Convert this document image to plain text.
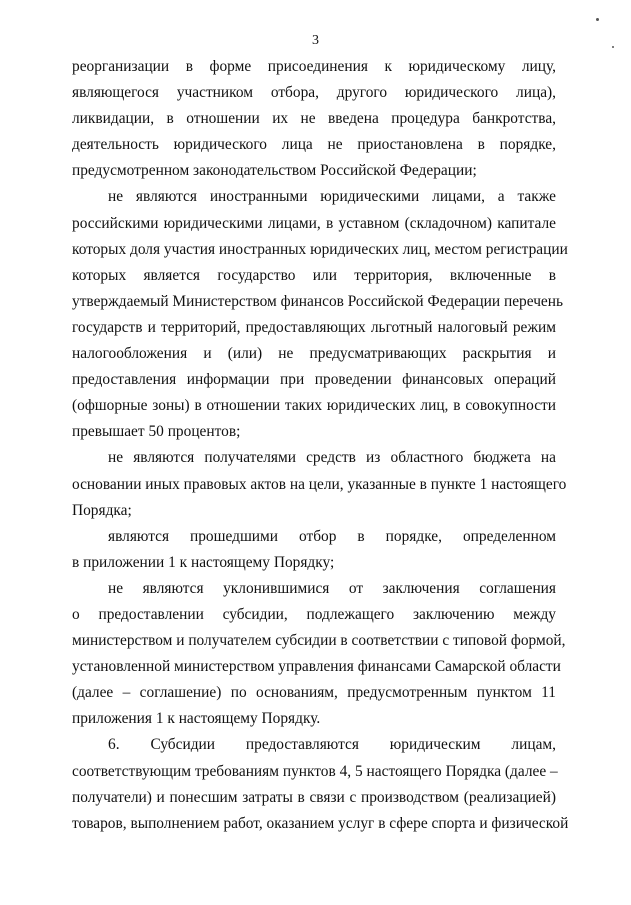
3
реорганизации в форме присоединения к юридическому лицу,
являющегося участником отбора, другого юридического лица),
ликвидации, в отношении их не введена процедура банкротства,
деятельность юридического лица не приостановлена в порядке,
предусмотренном законодательством Российской Федерации;
не являются иностранными юридическими лицами, а также
российскими юридическими лицами, в уставном (складочном) капитале
которых доля участия иностранных юридических лиц, местом регистрации
которых является государство или территория, включенные в
утверждаемый Министерством финансов Российской Федерации перечень
государств и территорий, предоставляющих льготный налоговый режим
налогообложения и (или) не предусматривающих раскрытия и
предоставления информации при проведении финансовых операций
(офшорные зоны) в отношении таких юридических лиц, в совокупности
превышает 50 процентов;
не являются получателями средств из областного бюджета на
основании иных правовых актов на цели, указанные в пункте 1 настоящего
Порядка;
являются прошедшими отбор в порядке, определенном
в приложении 1 к настоящему Порядку;
не являются уклонившимися от заключения соглашения
о предоставлении субсидии, подлежащего заключению между
министерством и получателем субсидии в соответствии с типовой формой,
установленной министерством управления финансами Самарской области
(далее – соглашение) по основаниям, предусмотренным пунктом 11
приложения 1 к настоящему Порядку.
6. Субсидии предоставляются юридическим лицам,
соответствующим требованиям пунктов 4, 5 настоящего Порядка (далее –
получатели) и понесшим затраты в связи с производством (реализацией)
товаров, выполнением работ, оказанием услуг в сфере спорта и физической
